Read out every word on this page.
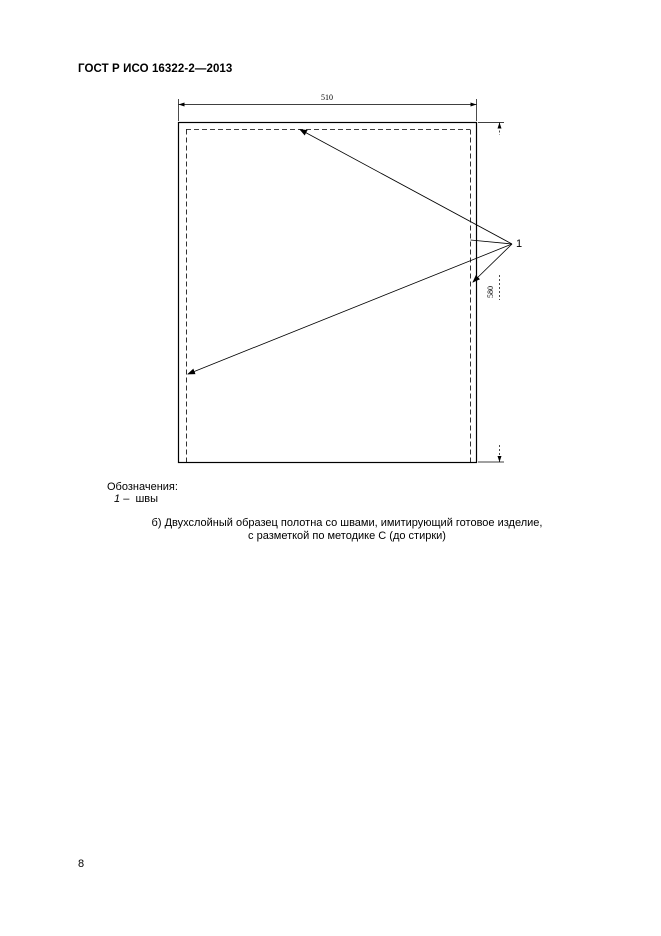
ГОСТ Р ИСО 16322-2—2013
510
580
1
Обозначения:
1 – швы
б) Двухслойный образец полотна со швами, имитирующий готовое изделие,
с разметкой по методике С (до стирки)
8
